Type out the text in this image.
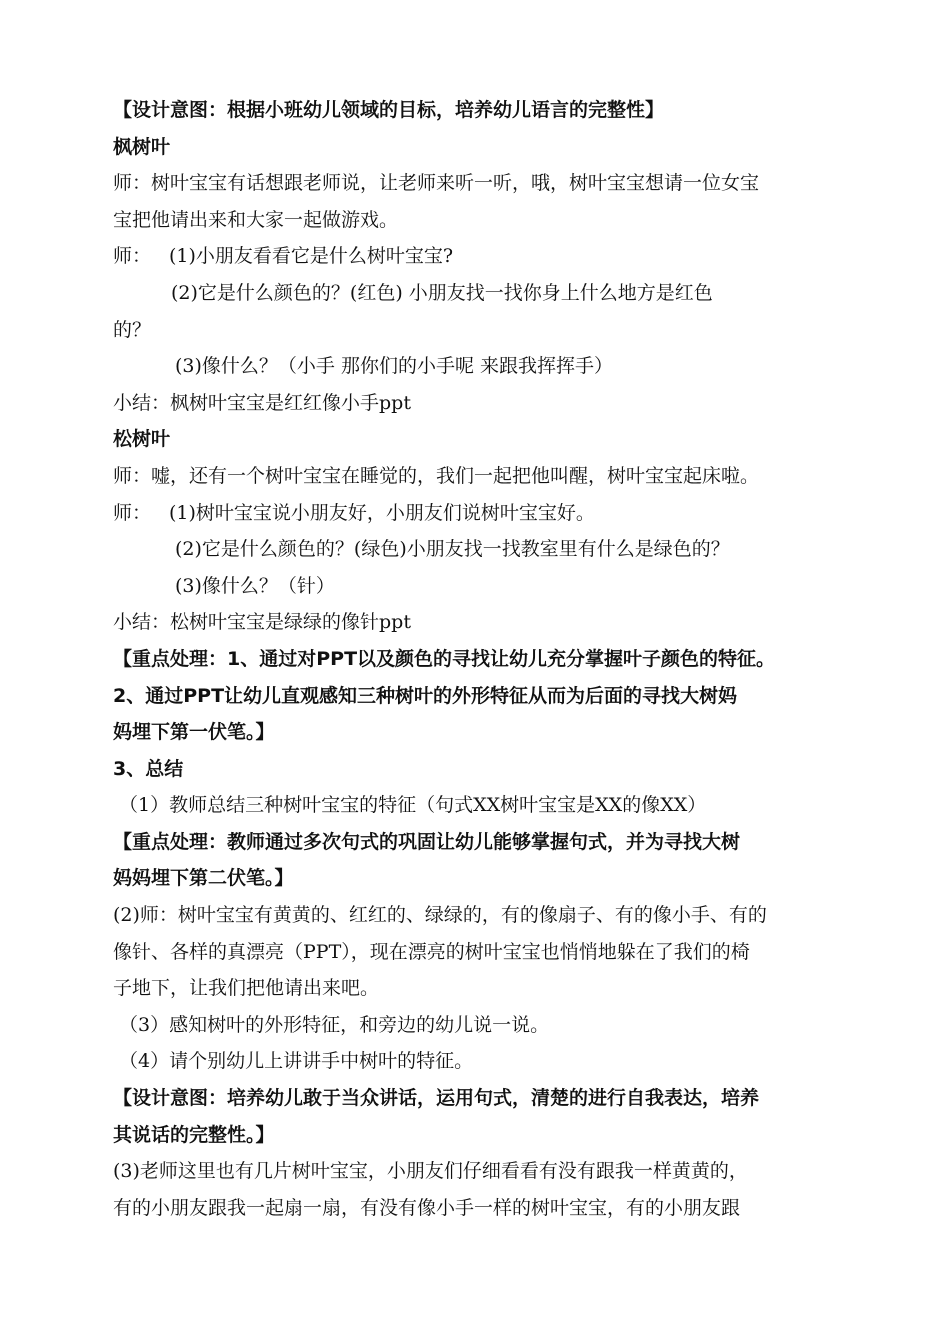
【设计意图：根据小班幼儿领域的目标，培养幼儿语言的完整性】
枫树叶
师：树叶宝宝有话想跟老师说，让老师来听一听，哦，树叶宝宝想请一位女宝
宝把他请出来和大家一起做游戏。
师： (1)小朋友看看它是什么树叶宝宝?
(2)它是什么颜色的？(红色) 小朋友找一找你身上什么地方是红色
的？
(3)像什么？（小手 那你们的小手呢 来跟我挥挥手）
小结：枫树叶宝宝是红红像小手ppt
松树叶
师：嘘，还有一个树叶宝宝在睡觉的，我们一起把他叫醒，树叶宝宝起床啦。
师： (1)树叶宝宝说小朋友好，小朋友们说树叶宝宝好。
(2)它是什么颜色的？(绿色)小朋友找一找教室里有什么是绿色的？
(3)像什么？（针）
小结：松树叶宝宝是绿绿的像针ppt
【重点处理：1、通过对PPT以及颜色的寻找让幼儿充分掌握叶子颜色的特征。
2、通过PPT让幼儿直观感知三种树叶的外形特征从而为后面的寻找大树妈
妈埋下第一伏笔。】
3、总结
（1）教师总结三种树叶宝宝的特征（句式XX树叶宝宝是XX的像XX）
【重点处理：教师通过多次句式的巩固让幼儿能够掌握句式，并为寻找大树
妈妈埋下第二伏笔。】
(2)师：树叶宝宝有黄黄的、红红的、绿绿的，有的像扇子、有的像小手、有的
像针、各样的真漂亮（PPT），现在漂亮的树叶宝宝也悄悄地躲在了我们的椅
子地下，让我们把他请出来吧。
（3）感知树叶的外形特征，和旁边的幼儿说一说。
（4）请个别幼儿上讲讲手中树叶的特征。
【设计意图：培养幼儿敢于当众讲话，运用句式，清楚的进行自我表达，培养
其说话的完整性。】
(3)老师这里也有几片树叶宝宝，小朋友们仔细看看有没有跟我一样黄黄的，
有的小朋友跟我一起扇一扇，有没有像小手一样的树叶宝宝，有的小朋友跟
